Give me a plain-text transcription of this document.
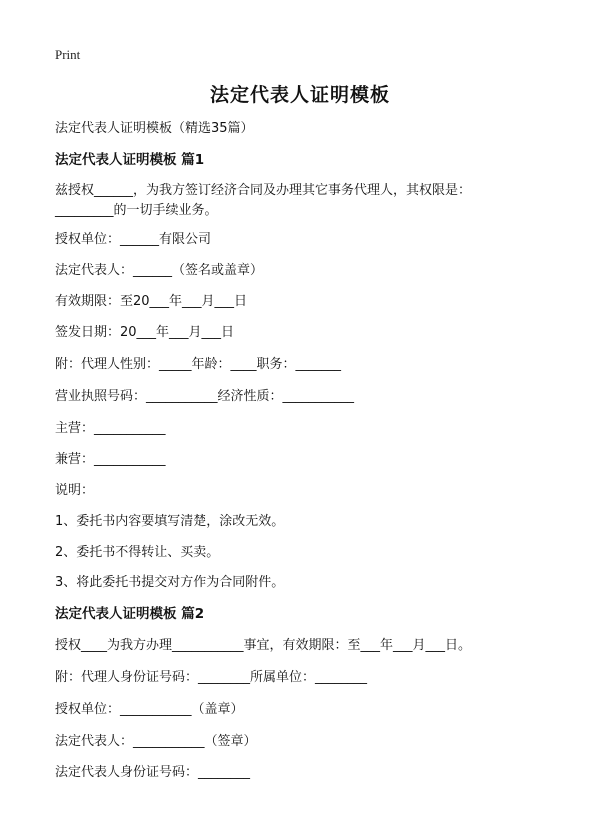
Print
法定代表人证明模板
法定代表人证明模板（精选35篇）
法定代表人证明模板 篇1
兹授权______，为我方签订经济合同及办理其它事务代理人，其权限是：
_________的一切手续业务。
授权单位：______有限公司
法定代表人：______（签名或盖章）
有效期限：至20___年___月___日
签发日期：20___年___月___日
附：代理人性别：_____年龄：____职务：_______
营业执照号码：___________经济性质：___________
主营：___________
兼营：___________
说明：
1、委托书内容要填写清楚，涂改无效。
2、委托书不得转让、买卖。
3、将此委托书提交对方作为合同附件。
法定代表人证明模板 篇2
授权____为我方办理___________事宜，有效期限：至___年___月___日。
附：代理人身份证号码：________所属单位：________
授权单位：___________（盖章）
法定代表人：___________（签章）
法定代表人身份证号码：________
